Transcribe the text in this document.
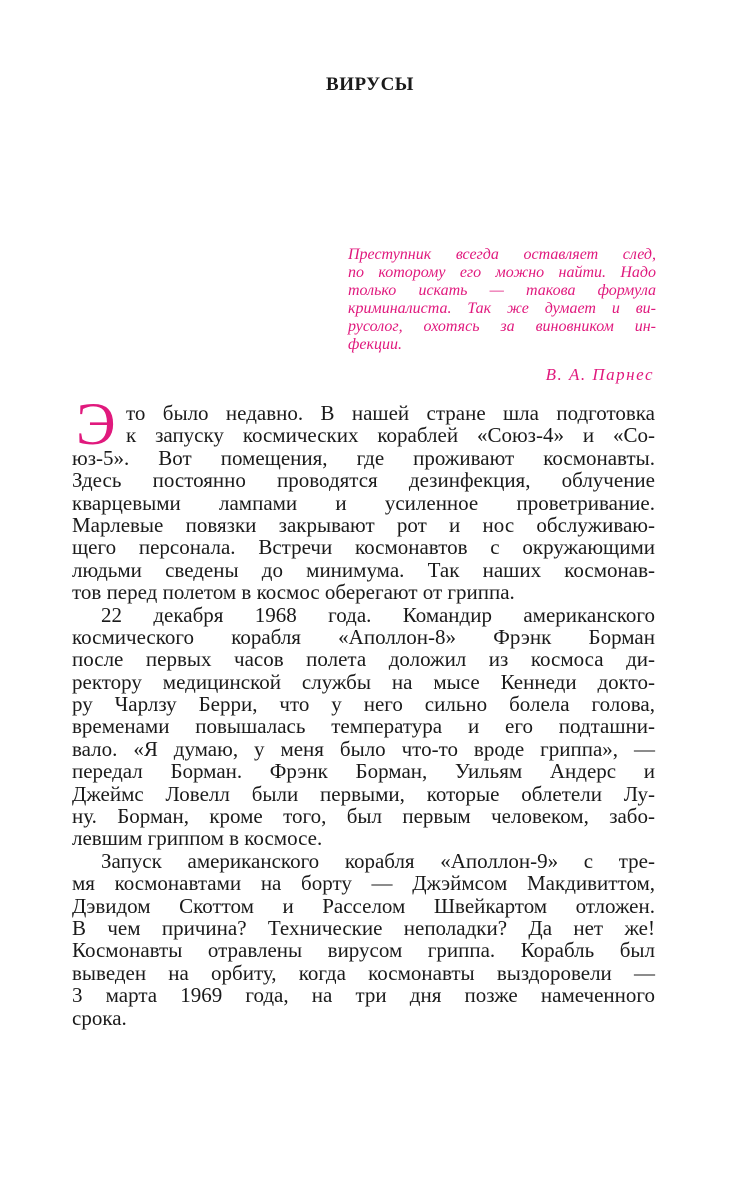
ВИРУСЫ
Преступник всегда оставляет след,
по которому его можно найти. Надо
только искать — такова формула
криминалиста. Так же думает и ви-
русолог, охотясь за виновником ин-
фекции.
В. А. Парнес
Э то было недавно. В нашей стране шла подготовка
к запуску космических кораблей «Союз-4» и «Со-
юз-5». Вот помещения, где проживают космонавты.
Здесь постоянно проводятся дезинфекция, облучение
кварцевыми лампами и усиленное проветривание.
Марлевые повязки закрывают рот и нос обслуживаю-
щего персонала. Встречи космонавтов с окружающими
людьми сведены до минимума. Так наших космонав-
тов перед полетом в космос оберегают от гриппа.
22 декабря 1968 года. Командир американского
космического корабля «Аполлон-8» Фрэнк Борман
после первых часов полета доложил из космоса ди-
ректору медицинской службы на мысе Кеннеди докто-
ру Чарлзу Берри, что у него сильно болела голова,
временами повышалась температура и его подташни-
вало. «Я думаю, у меня было что-то вроде гриппа», —
передал Борман. Фрэнк Борман, Уильям Андерс и
Джеймс Ловелл были первыми, которые облетели Лу-
ну. Борман, кроме того, был первым человеком, забо-
левшим гриппом в космосе.
Запуск американского корабля «Аполлон-9» с тре-
мя космонавтами на борту — Джэймсом Макдивиттом,
Дэвидом Скоттом и Расселом Швейкартом отложен.
В чем причина? Технические неполадки? Да нет же!
Космонавты отравлены вирусом гриппа. Корабль был
выведен на орбиту, когда космонавты выздоровели —
3 марта 1969 года, на три дня позже намеченного
срока.
